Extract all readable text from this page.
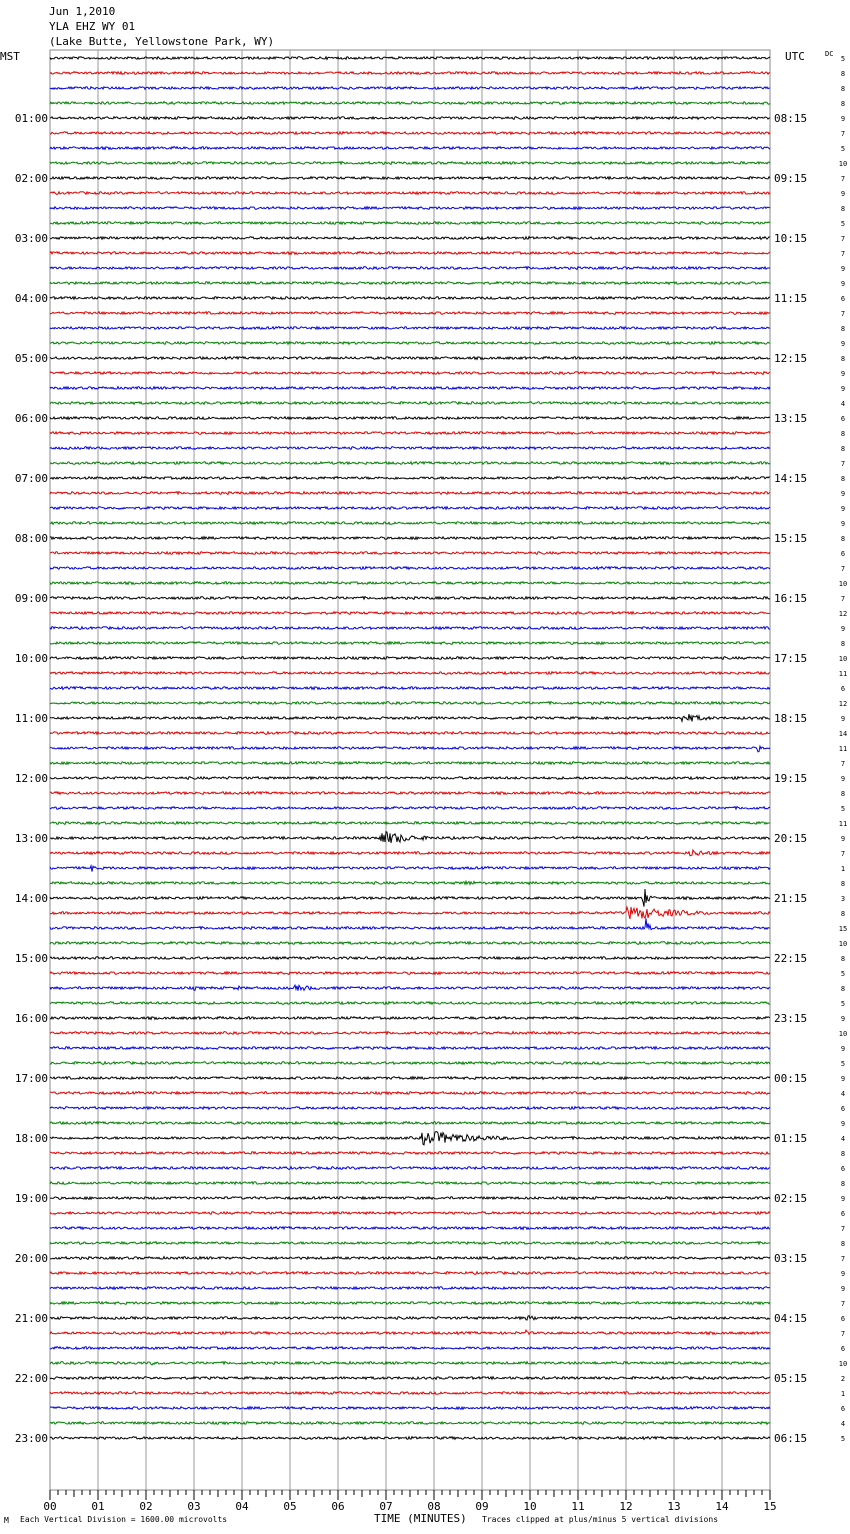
Jun 1,2010
YLA EHZ WY 01
(Lake Butte, Yellowstone Park, WY)
00	01	02	03	04	05	06	07	08	09	10	11	12	13	14	15
5
8
8
8
9
7
5
10
7
9
8
5
7
7
9
9
6
7
8
9
8
9
9
4
6
8
8
7
8
9
9
9
8
6
7
10
7
12
9
8
10
11
6
12
9
14
11
7
9
8
5
11
9
7
1
8
3
8
15
10
8
5
8
5
9
10
9
5
9
4
6
9
4
8
6
8
9
6
7
8
7
9
9
7
6
7
6
10
2
1
6
4
5
01:00
02:00
03:00
04:00
05:00
06:00
07:00
08:00
09:00
10:00
11:00
12:00
13:00
14:00
15:00
16:00
17:00
18:00
19:00
20:00
21:00
22:00
23:00
08:15
09:15
10:15
11:15
12:15
13:15
14:15
15:15
16:15
17:15
18:15
19:15
20:15
21:15
22:15
23:15
00:15
01:15
02:15
03:15
04:15
05:15
06:15
MST	UTC	DC
M Each Vertical Division = 1600.00 microvolts	TIME (MINUTES) Traces clipped at plus/minus 5 vertical divisions
